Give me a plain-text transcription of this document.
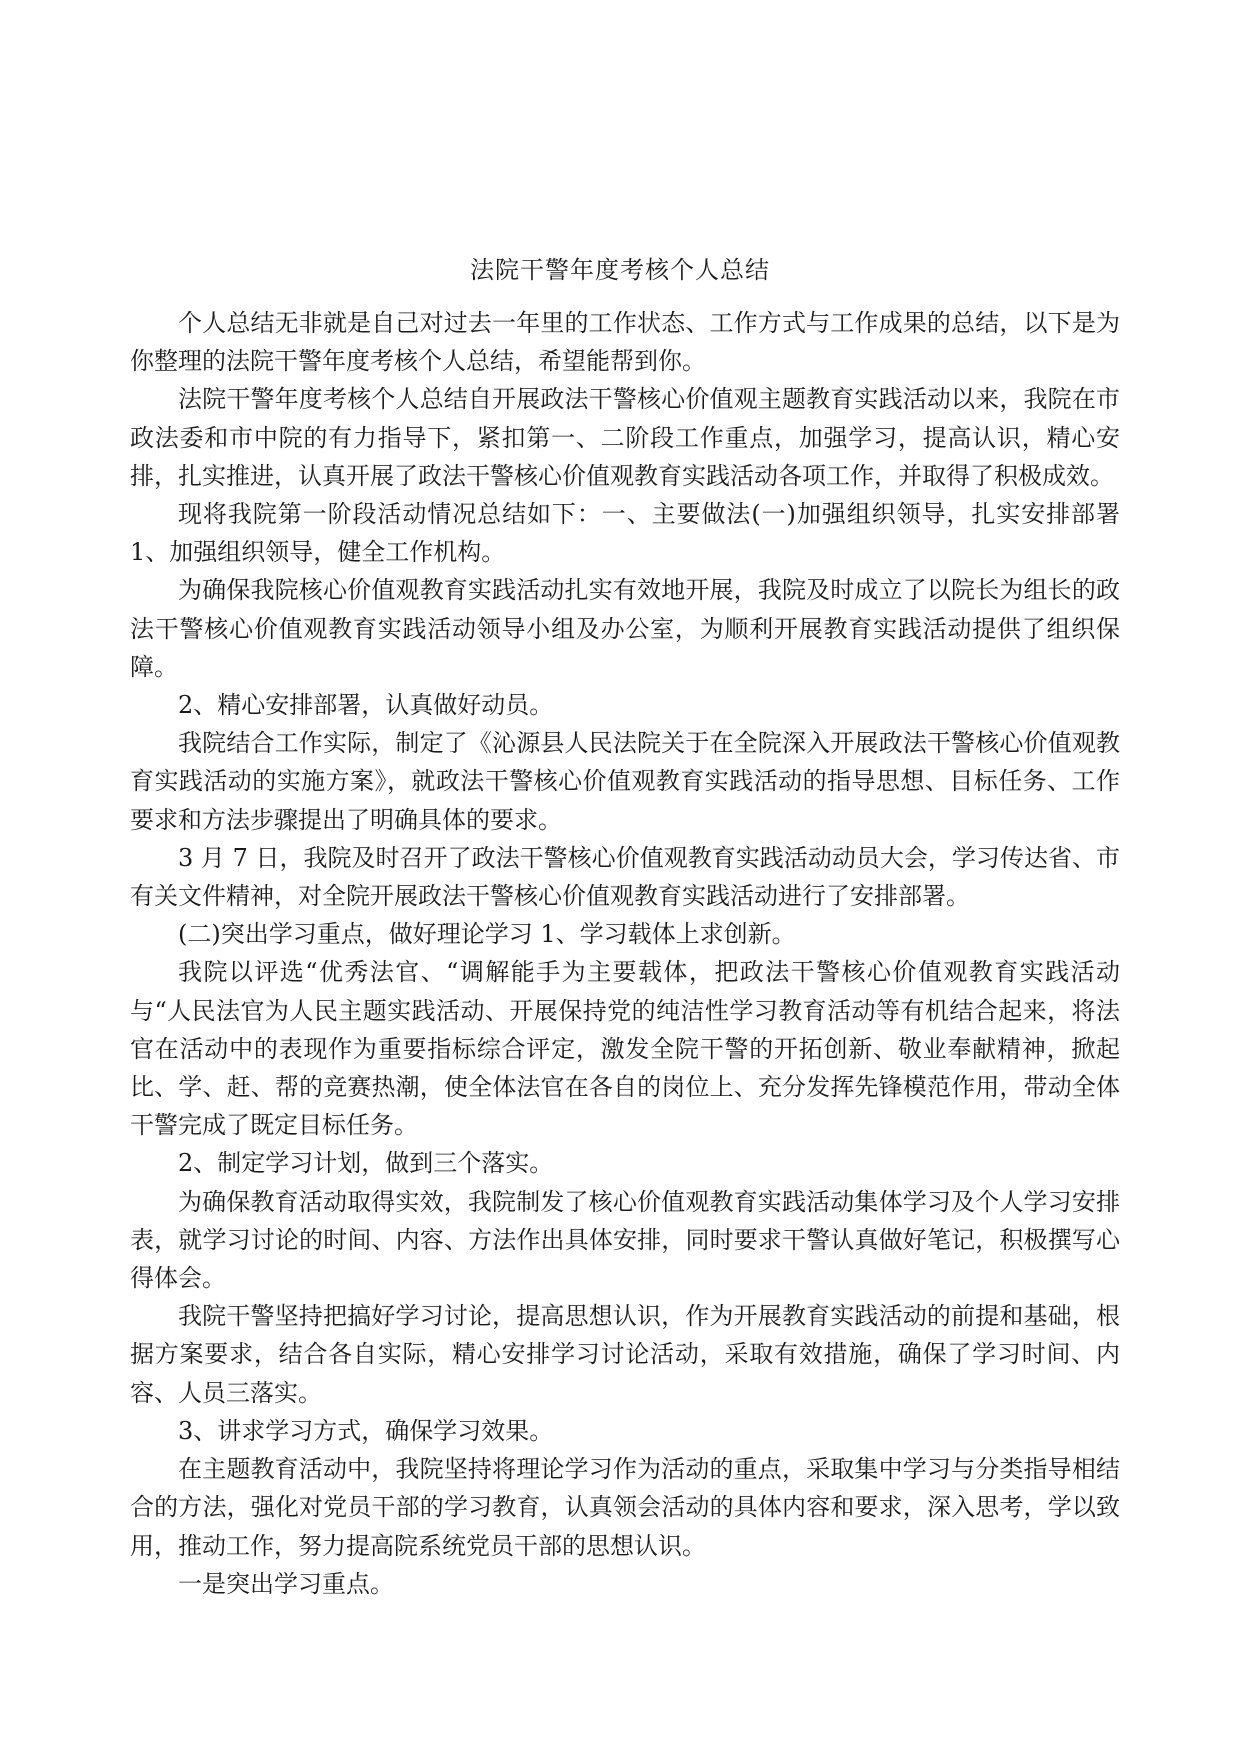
法院干警年度考核个人总结

个人总结无非就是自己对过去一年里的工作状态、工作方式与工作成果的总结，以下是为你整理的法院干警年度考核个人总结，希望能帮到你。

法院干警年度考核个人总结自开展政法干警核心价值观主题教育实践活动以来，我院在市政法委和市中院的有力指导下，紧扣第一、二阶段工作重点，加强学习，提高认识，精心安排，扎实推进，认真开展了政法干警核心价值观教育实践活动各项工作，并取得了积极成效。

现将我院第一阶段活动情况总结如下：一、主要做法(一)加强组织领导，扎实安排部署 1、加强组织领导，健全工作机构。

为确保我院核心价值观教育实践活动扎实有效地开展，我院及时成立了以院长为组长的政法干警核心价值观教育实践活动领导小组及办公室，为顺利开展教育实践活动提供了组织保障。

2、精心安排部署，认真做好动员。

我院结合工作实际，制定了《沁源县人民法院关于在全院深入开展政法干警核心价值观教育实践活动的实施方案》，就政法干警核心价值观教育实践活动的指导思想、目标任务、工作要求和方法步骤提出了明确具体的要求。

3 月 7 日，我院及时召开了政法干警核心价值观教育实践活动动员大会，学习传达省、市有关文件精神，对全院开展政法干警核心价值观教育实践活动进行了安排部署。

(二)突出学习重点，做好理论学习 1、学习载体上求创新。

我院以评选“优秀法官、“调解能手为主要载体，把政法干警核心价值观教育实践活动与“人民法官为人民主题实践活动、开展保持党的纯洁性学习教育活动等有机结合起来，将法官在活动中的表现作为重要指标综合评定，激发全院干警的开拓创新、敬业奉献精神，掀起比、学、赶、帮的竞赛热潮，使全体法官在各自的岗位上、充分发挥先锋模范作用，带动全体干警完成了既定目标任务。

2、制定学习计划，做到三个落实。

为确保教育活动取得实效，我院制发了核心价值观教育实践活动集体学习及个人学习安排表，就学习讨论的时间、内容、方法作出具体安排，同时要求干警认真做好笔记，积极撰写心得体会。

我院干警坚持把搞好学习讨论，提高思想认识，作为开展教育实践活动的前提和基础，根据方案要求，结合各自实际，精心安排学习讨论活动，采取有效措施，确保了学习时间、内容、人员三落实。

3、讲求学习方式，确保学习效果。

在主题教育活动中，我院坚持将理论学习作为活动的重点，采取集中学习与分类指导相结合的方法，强化对党员干部的学习教育，认真领会活动的具体内容和要求，深入思考，学以致用，推动工作，努力提高院系统党员干部的思想认识。

一是突出学习重点。
